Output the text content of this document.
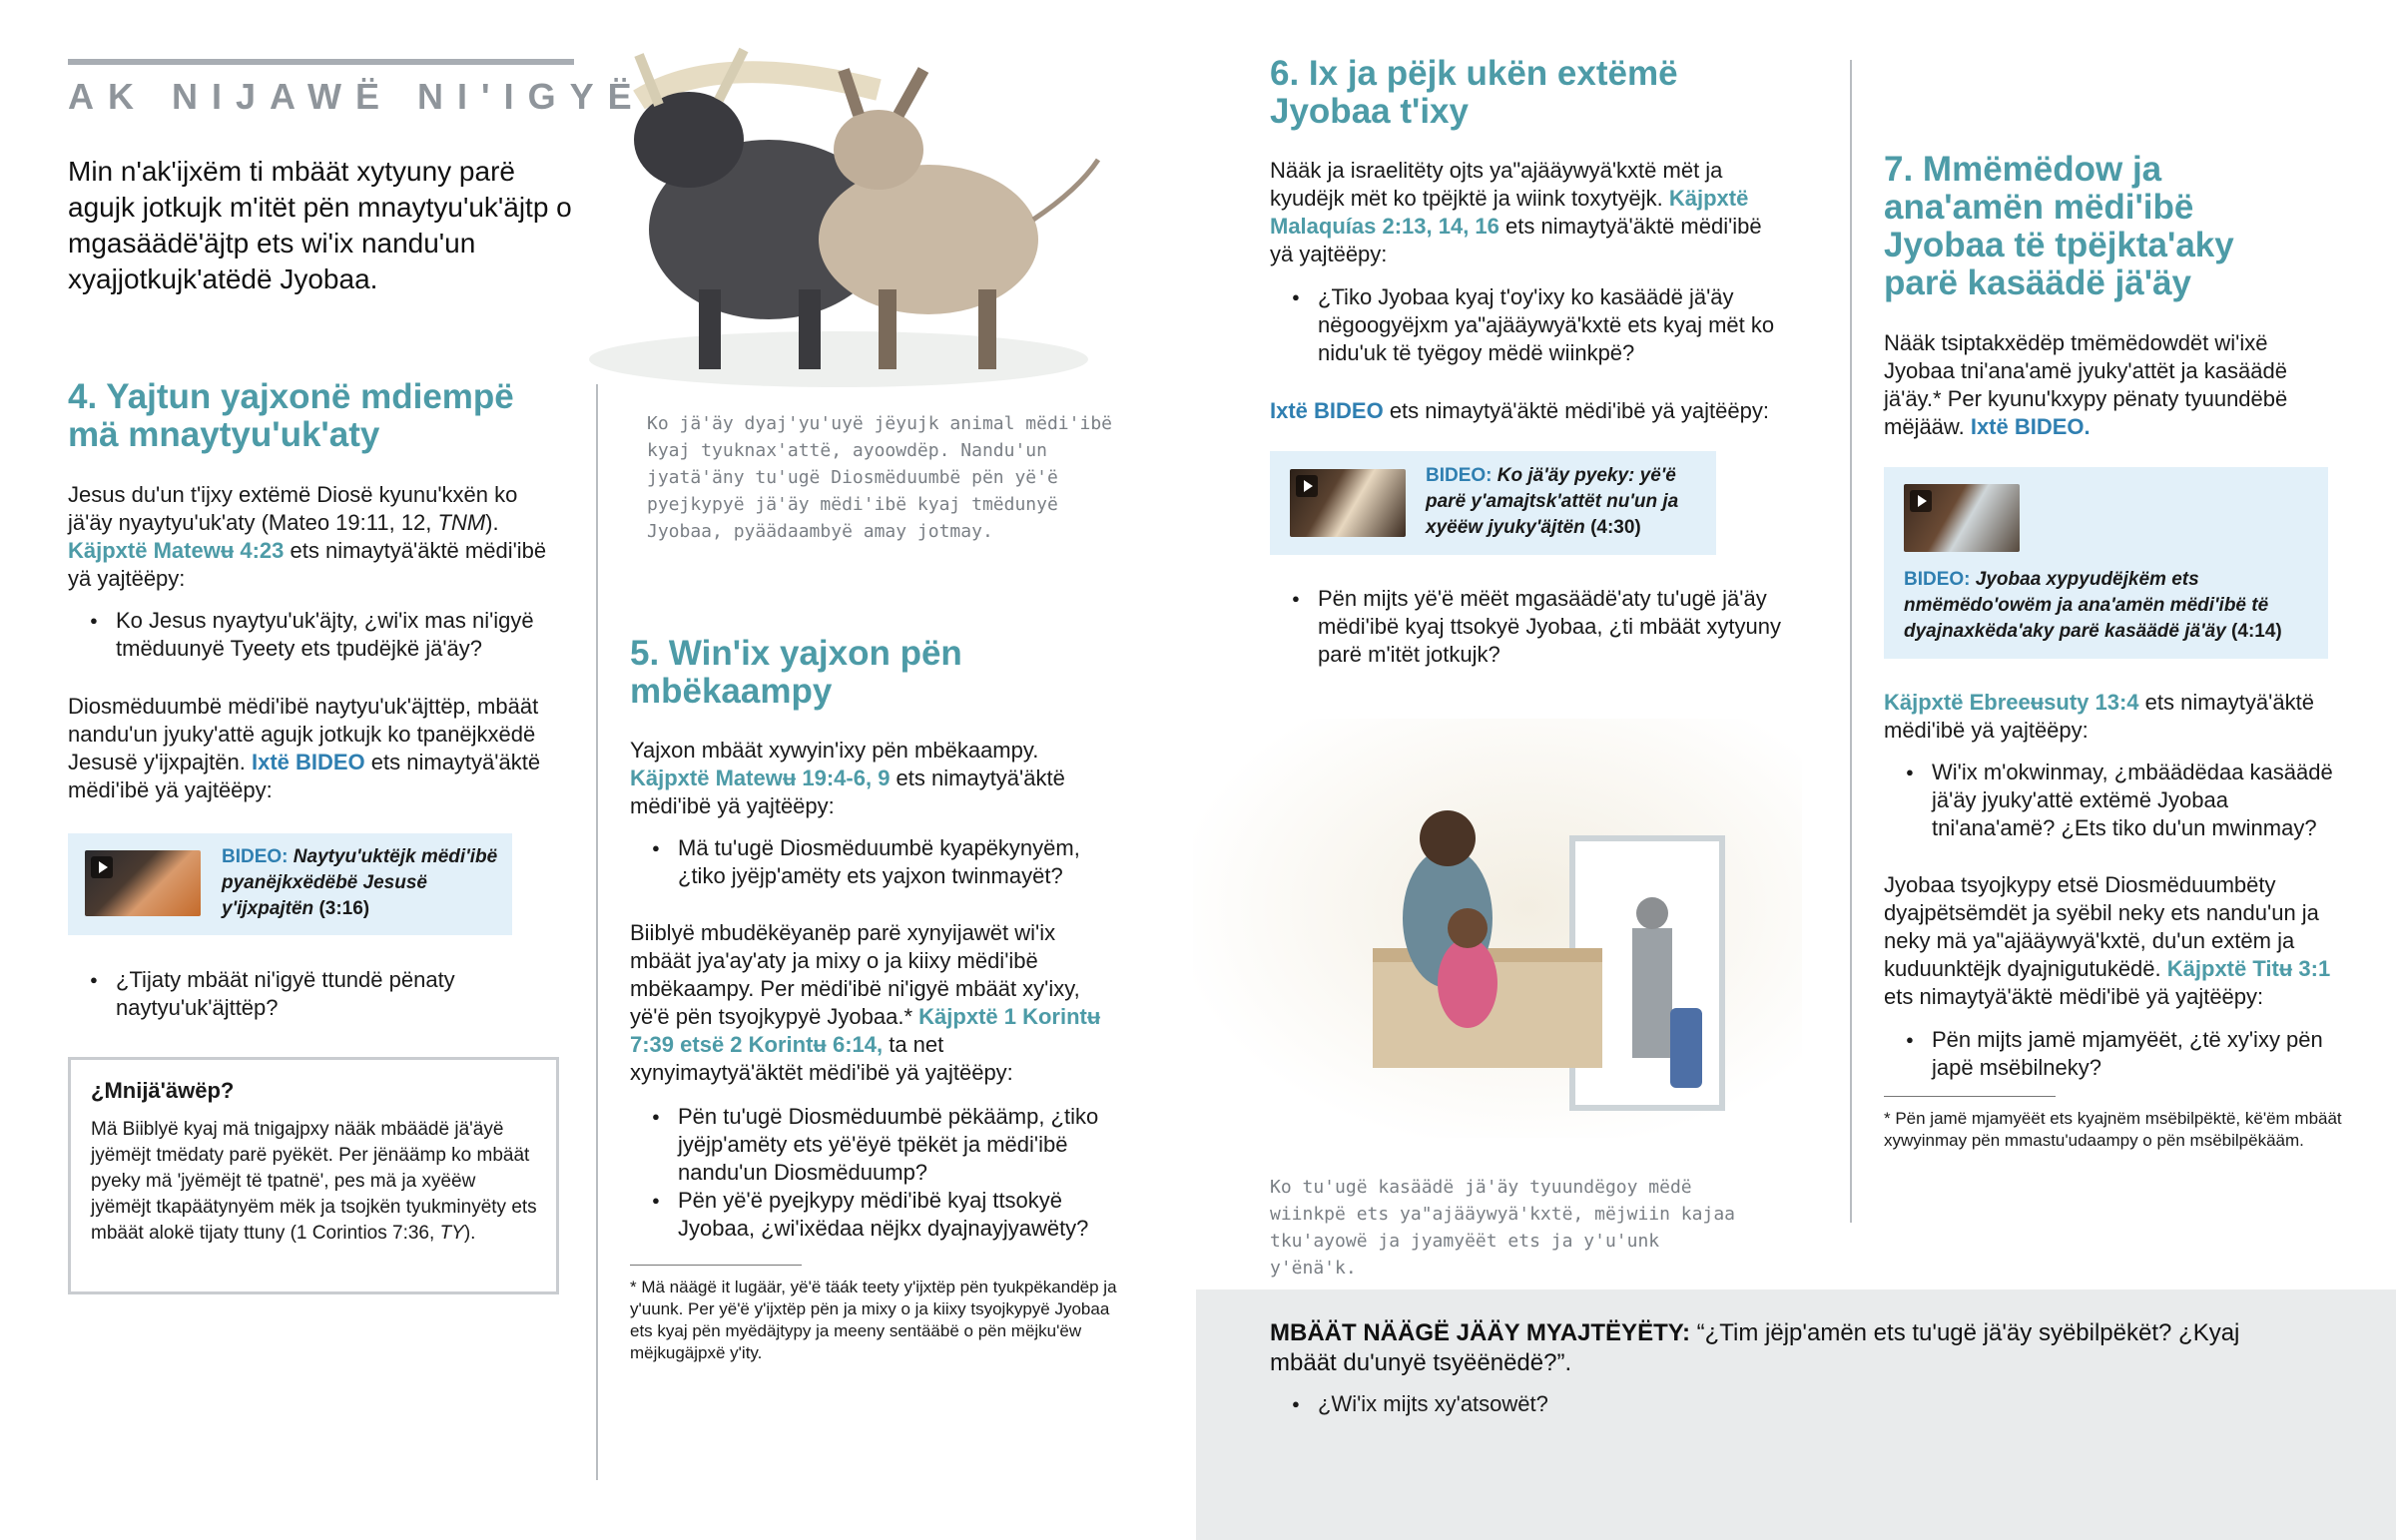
AK NIJAWË NI'IGYË
Min n'ak'ijxëm ti mbäät xytyuny parë agujk jotkujk m'itët pën mnaytyu'uk'äjtp o mgasäädë'äjtp ets wi'ix nandu'un xyajjotkujk'atëdë Jyobaa.
4. Yajtun yajxonë mdiempë mä mnaytyu'uk'aty
Jesus du'un t'ijxy extëmë Diosë kyunu'kxën ko jä'äy nyaytyu'uk'aty (Mateo 19:11, 12, TNM).
Käjpxtë Matewʉ 4:23 ets nimaytyä'äktë mëdi'ibë yä yajtëëpy:
● Ko Jesus nyaytyu'uk'äjty, ¿wi'ix mas ni'igyë tmëduunyë Tyeety ets tpudëjkë jä'äy?
Diosmëduumbë mëdi'ibë naytyu'uk'äjttëp, mbäät nandu'un jyuky'attë agujk jotkujk ko tpanëjkxëdë Jesusë y'ijxpajtën. Ixtë BIDEO ets nimaytyä'äktë mëdi'ibë yä yajtëëpy:
BIDEO: Naytyu'uktëjk mëdi'ibë pyanëjkxëdëbë Jesusë y'ijxpajtën (3:16)
● ¿Tijaty mbäät ni'igyë ttundë pënaty naytyu'uk'äjttëp?
¿Mnijä'äwëp?
Mä Biiblyë kyaj mä tnigajpxy nääk mbäädë jä'äyë jyëmëjt tmëdaty parë pyëkët. Per jënäämp ko mbäät pyeky mä 'jyëmëjt të tpatnë', pes mä ja xyëëw jyëmëjt tkapäätynyëm mëk ja tsojkën tyukminyëty ets mbäät alokë tijaty ttuny (1 Corintios 7:36, TY).
Ko jä'äy dyaj'yu'uyë jëyujk animal mëdi'ibë kyaj tyuknax'attë, ayoowdëp. Nandu'un jyatä'äny tu'ugë Diosmëduumbë pën yë'ë pyejkypyë jä'äy mëdi'ibë kyaj tmëdunyë Jyobaa, pyäädaambyë amay jotmay.
5. Win'ix yajxon pën mbëkaampy
Yajxon mbäät xywyin'ixy pën mbëkaampy. Käjpxtë Matewʉ 19:4-6, 9 ets nimaytyä'äktë mëdi'ibë yä yajtëëpy:
● Mä tu'ugë Diosmëduumbë kyapëkynyëm, ¿tiko jyëjp'amëty ets yajxon twinmayët?
Biiblyë mbudëkëyanëp parë xynyijawët wi'ix mbäät jya'ay'aty ja mixy o ja kiixy mëdi'ibë mbëkaampy. Per mëdi'ibë ni'igyë mbäät xy'ixy, yë'ë pën tsyojkypyë Jyobaa.* Käjpxtë 1 Korintʉ 7:39 etsë 2 Korintʉ 6:14, ta net xynyimaytyä'äktët mëdi'ibë yä yajtëëpy:
● Pën tu'ugë Diosmëduumbë pëkäämp, ¿tiko jyëjp'amëty ets yë'ëyë tpëkët ja mëdi'ibë nandu'un Diosmëduump?
● Pën yë'ë pyejkypy mëdi'ibë kyaj ttsokyë Jyobaa, ¿wi'ixëdaa nëjkx dyajnayjyawëty?
* Mä näägë it lugäär, yë'ë täák teety y'ijxtëp pën tyukpëkandëp ja y'uunk. Per yë'ë y'ijxtëp pën ja mixy o ja kiixy tsyojkypyë Jyobaa ets kyaj pën myëdäjtypy ja meeny sentääbë o pën mëjku'ëw mëjkugäjpxë y'ity.
6. Ix ja pëjk ukën extëmë Jyobaa t'ixy
Nääk ja israelitëty ojts ya"ajääywyä'kxtë mët ja kyudëjk mët ko tpëjktë ja wiink toxytyëjk. Käjpxtë Malaquías 2:13, 14, 16 ets nimaytyä'äktë mëdi'ibë yä yajtëëpy:
● ¿Tiko Jyobaa kyaj t'oy'ixy ko kasäädë jä'äy nëgoogyëjxm ya"ajääywyä'kxtë ets kyaj mët ko nidu'uk të tyëgoy mëdë wiinkpë?
Ixtë BIDEO ets nimaytyä'äktë mëdi'ibë yä yajtëëpy:
BIDEO: Ko jä'äy pyeky: yë'ë parë y'amajtsk'attët nu'un ja xyëëw jyuky'äjtën (4:30)
● Pën mijts yë'ë mëët mgasäädë'aty tu'ugë jä'äy mëdi'ibë kyaj ttsokyë Jyobaa, ¿ti mbäät xytyuny parë m'itët jotkujk?
Ko tu'ugë kasäädë jä'äy tyuundëgoy mëdë wiinkpë ets ya"ajääywyä'kxtë, mëjwiin kajaa tku'ayowë ja jyamyëët ets ja y'u'unk y'ënä'k.
7. Mmëmëdow ja ana'amën mëdi'ibë Jyobaa të tpëjkta'aky parë kasäädë jä'äy
Nääk tsiptakxëdëp tmëmëdowdët wi'ixë Jyobaa tni'ana'amë jyuky'attët ja kasäädë jä'äy.* Per kyunu'kxypy pënaty tyuundëbë mëjääw. Ixtë BIDEO.
BIDEO: Jyobaa xypyudëjkëm ets nmëmëdo'owëm ja ana'amën mëdi'ibë të dyajnaxkëda'aky parë kasäädë jä'äy (4:14)
Käjpxtë Ebreeʉsuty 13:4 ets nimaytyä'äktë mëdi'ibë yä yajtëëpy:
● Wi'ix m'okwinmay, ¿mbäädëdaa kasäädë jä'äy jyuky'attë extëmë Jyobaa tni'ana'amë? ¿Ets tiko du'un mwinmay?
Jyobaa tsyojkypy etsë Diosmëduumbëty dyajpëtsëmdët ja syëbil neky ets nandu'un ja neky mä ya"ajääywyä'kxtë, du'un extëm ja kuduunktëjk dyajnigutukëdë. Käjpxtë Titʉ 3:1 ets nimaytyä'äktë mëdi'ibë yä yajtëëpy:
● Pën mijts jamë mjamyëët, ¿të xy'ixy pën japë msëbilneky?
* Pën jamë mjamyëët ets kyajnëm msëbilpëktë, kë'ëm mbäät xywyinmay pën mmastu'udaampy o pën msëbilpëkääm.
MBÄÄT NÄÄGË JÄÄY MYAJTËYËTY: “¿Tim jëjp'amën ets tu'ugë jä'äy syëbilpëkët? ¿Kyaj mbäät du'unyë tsyëënëdë?”.
● ¿Wi'ix mijts xy'atsowët?
